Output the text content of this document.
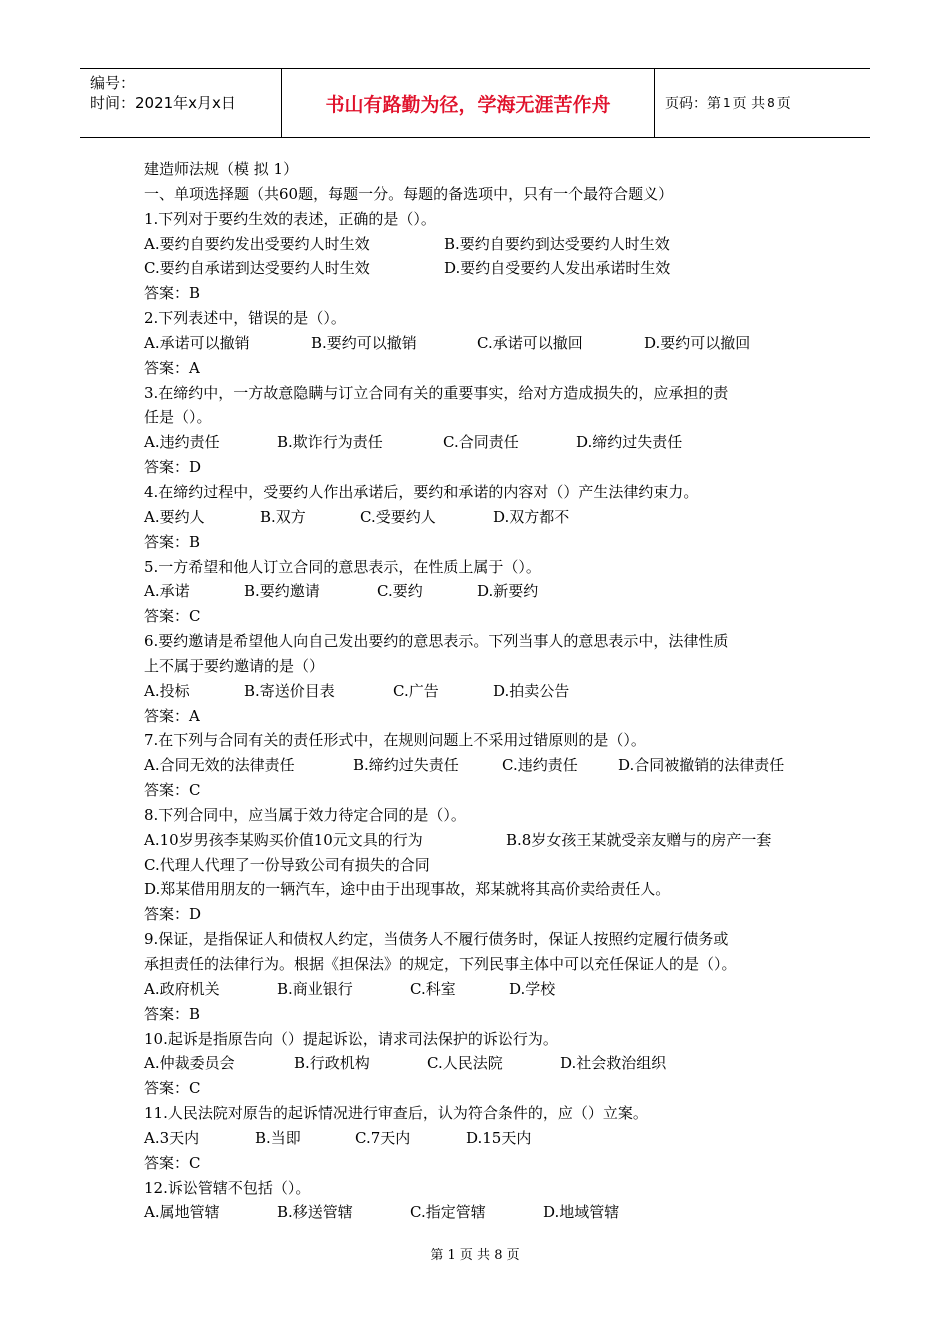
编号：
时间：2021年x月x日	书山有路勤为径，学海无涯苦作舟	页码：第 1 页 共 8 页
建造师法规（模 拟 1）
一、单项选择题（共60题，每题一分。每题的备选项中，只有一个最符合题义）
1.下列对于要约生效的表述，正确的是（）。
A.要约自要约发出受要约人时生效	B.要约自要约到达受要约人时生效
C.要约自承诺到达受要约人时生效	D.要约自受要约人发出承诺时生效
答案：B
2.下列表述中，错误的是（）。
A.承诺可以撤销	B.要约可以撤销	C.承诺可以撤回	D.要约可以撤回
答案：A
3.在缔约中，一方故意隐瞒与订立合同有关的重要事实，给对方造成损失的，应承担的责
任是（）。
A.违约责任	B.欺诈行为责任	C.合同责任	D.缔约过失责任
答案：D
4.在缔约过程中，受要约人作出承诺后，要约和承诺的内容对（）产生法律约束力。
A.要约人	B.双方	C.受要约人	D.双方都不
答案：B
5.一方希望和他人订立合同的意思表示，在性质上属于（）。
A.承诺	B.要约邀请	C.要约	D.新要约
答案：C
6.要约邀请是希望他人向自己发出要约的意思表示。下列当事人的意思表示中，法律性质
上不属于要约邀请的是（）
A.投标	B.寄送价目表	C.广告	D.拍卖公告
答案：A
7.在下列与合同有关的责任形式中，在规则问题上不采用过错原则的是（）。
A.合同无效的法律责任	B.缔约过失责任	C.违约责任	D.合同被撤销的法律责任
答案：C
8.下列合同中，应当属于效力待定合同的是（）。
A.10岁男孩李某购买价值10元文具的行为	B.8岁女孩王某就受亲友赠与的房产一套
C.代理人代理了一份导致公司有损失的合同
D.郑某借用朋友的一辆汽车，途中由于出现事故，郑某就将其高价卖给责任人。
答案：D
9.保证，是指保证人和债权人约定，当债务人不履行债务时，保证人按照约定履行债务或
承担责任的法律行为。根据《担保法》的规定，下列民事主体中可以充任保证人的是（）。
A.政府机关	B.商业银行	C.科室	D.学校
答案：B
10.起诉是指原告向（）提起诉讼，请求司法保护的诉讼行为。
A.仲裁委员会	B.行政机构	C.人民法院	D.社会救治组织
答案：C
11.人民法院对原告的起诉情况进行审查后，认为符合条件的，应（）立案。
A.3天内	B.当即	C.7天内	D.15天内
答案：C
12.诉讼管辖不包括（）。
A.属地管辖	B.移送管辖	C.指定管辖	D.地域管辖
第 1 页 共 8 页
